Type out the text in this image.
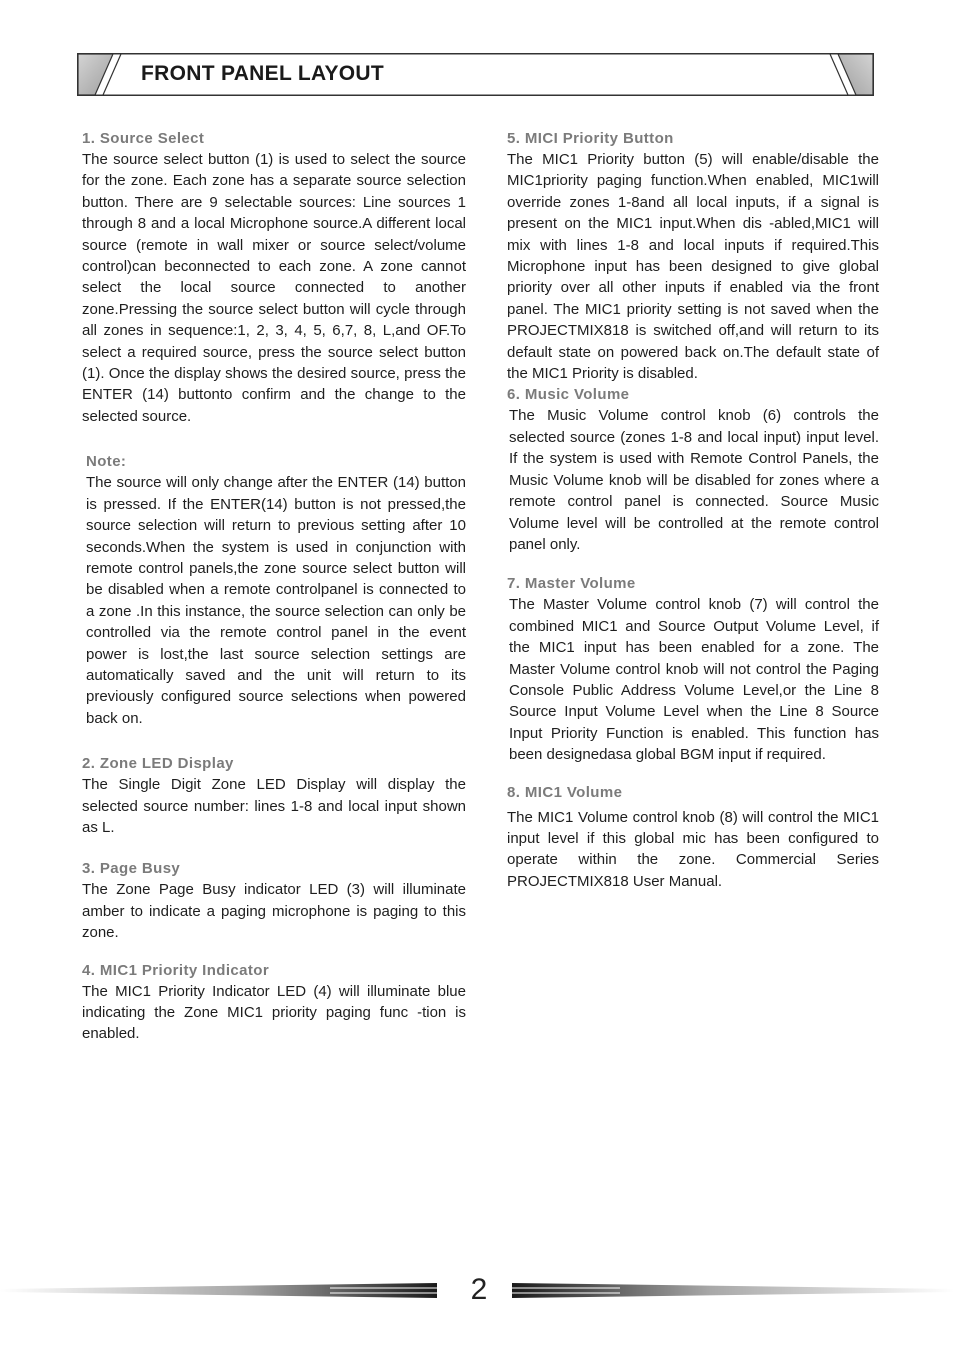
FRONT PANEL LAYOUT

1. Source Select

The source select button (1) is used to select the source for the zone. Each zone has a separate source selection button. There are 9 selectable sources: Line sources 1 through 8 and a local Microphone source.A different local source (remote in wall mixer or source select/volume control)can beconnected to each zone. A zone cannot select the local source connected to another zone.Pressing the source select button will cycle through all zones in sequence:1, 2, 3, 4, 5, 6,7, 8, L,and OF.To select a required source, press the source select button (1). Once the display shows the desired source, press the ENTER (14) buttonto confirm and the change to the selected source.

Note:

The source will only change after the ENTER (14) button is pressed. If the ENTER(14) button is not pressed,the source selection will return to previous setting after 10 seconds.When the system is used in conjunction with remote control panels,the zone source select button will be disabled when a remote controlpanel is connected to a zone .In this instance, the source selection can only be controlled via the remote control panel in the event power is lost,the last source selection settings are automatically saved and the unit will return to its previously configured source selections when powered back on.

2. Zone LED Display

The Single Digit Zone LED Display will display the selected source number: lines 1-8 and local input shown as L.

3. Page Busy

The Zone Page Busy indicator LED (3) will illuminate amber to indicate a paging microphone is paging to this zone.

4. MIC1 Priority Indicator

The MIC1 Priority Indicator LED (4) will illuminate blue indicating the Zone MIC1 priority paging func -tion is enabled.

5. MICI Priority Button

The MIC1 Priority button (5) will enable/disable the MIC1priority paging function.When enabled, MIC1will override zones 1-8and all local inputs, if a signal is present on the MIC1 input.When dis -abled,MIC1 will mix with lines 1-8 and local inputs if required.This Microphone input has been designed to give global priority over all other inputs if enabled via the front panel. The MIC1 priority setting is not saved when the PROJECTMIX818 is switched off,and will return to its default state on powered back on.The default state of the MIC1 Priority is disabled.

6. Music Volume

The Music Volume control knob (6) controls the selected source (zones 1-8 and local input) input level. If the system is used with Remote Control Panels, the Music Volume knob will be disabled for zones where a remote control panel is connected. Source Music Volume level will be controlled at the remote control panel only.

7. Master Volume

The Master Volume control knob (7) will control the combined MIC1 and Source Output Volume Level, if the MIC1 input has been enabled for a zone. The Master Volume control knob will not control the Paging Console Public Address Volume Level,or the Line 8 Source Input Volume Level when the Line 8 Source Input Priority Function is enabled. This function has been designedasa global BGM input if required.

8. MIC1 Volume

The MIC1 Volume control knob (8) will control the MIC1 input level if this global mic has been configured to operate within the zone. Commercial Series PROJECTMIX818 User Manual.

2
